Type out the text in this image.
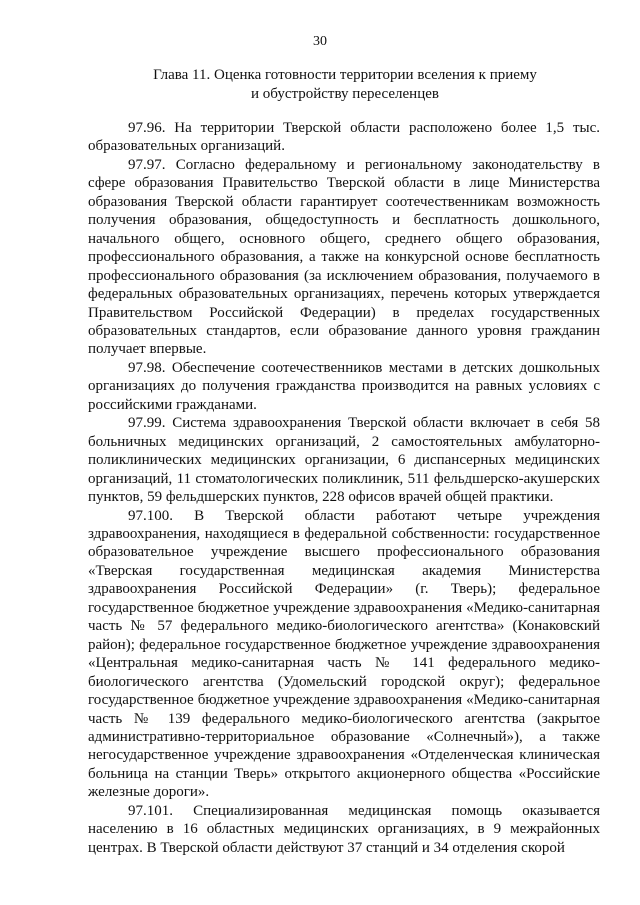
30
Глава 11. Оценка готовности территории вселения к приему
и обустройству переселенцев

97.96. На территории Тверской области расположено более 1,5 тыс. образовательных организаций.

97.97. Согласно федеральному и региональному законодательству в сфере образования Правительство Тверской области в лице Министерства образования Тверской области гарантирует соотечественникам возможность получения образования, общедоступность и бесплатность дошкольного, начального общего, основного общего, среднего общего образования, профессионального образования, а также на конкурсной основе бесплатность профессионального образования (за исключением образования, получаемого в федеральных образовательных организациях, перечень которых утверждается Правительством Российской Федерации) в пределах государственных образовательных стандартов, если образование данного уровня гражданин получает впервые.

97.98. Обеспечение соотечественников местами в детских дошкольных организациях до получения гражданства производится на равных условиях с российскими гражданами.

97.99. Система здравоохранения Тверской области включает в себя 58 больничных медицинских организаций, 2 самостоятельных амбулаторно-поликлинических медицинских организации, 6 диспансерных медицинских организаций, 11 стоматологических поликлиник, 511 фельдшерско-акушерских пунктов, 59 фельдшерских пунктов, 228 офисов врачей общей практики.

97.100. В Тверской области работают четыре учреждения здравоохранения, находящиеся в федеральной собственности: государственное образовательное учреждение высшего профессионального образования «Тверская государственная медицинская академия Министерства здравоохранения Российской Федерации» (г. Тверь); федеральное государственное бюджетное учреждение здравоохранения «Медико-санитарная часть № 57 федерального медико-биологического агентства» (Конаковский район); федеральное государственное бюджетное учреждение здравоохранения «Центральная медико-санитарная часть № 141 федерального медико-биологического агентства (Удомельский городской округ); федеральное государственное бюджетное учреждение здравоохранения «Медико-санитарная часть № 139 федерального медико-биологического агентства (закрытое административно-территориальное образование «Солнечный»), а также негосударственное учреждение здравоохранения «Отделенческая клиническая больница на станции Тверь» открытого акционерного общества «Российские железные дороги».

97.101. Специализированная медицинская помощь оказывается населению в 16 областных медицинских организациях, в 9 межрайонных центрах. В Тверской области действуют 37 станций и 34 отделения скорой
